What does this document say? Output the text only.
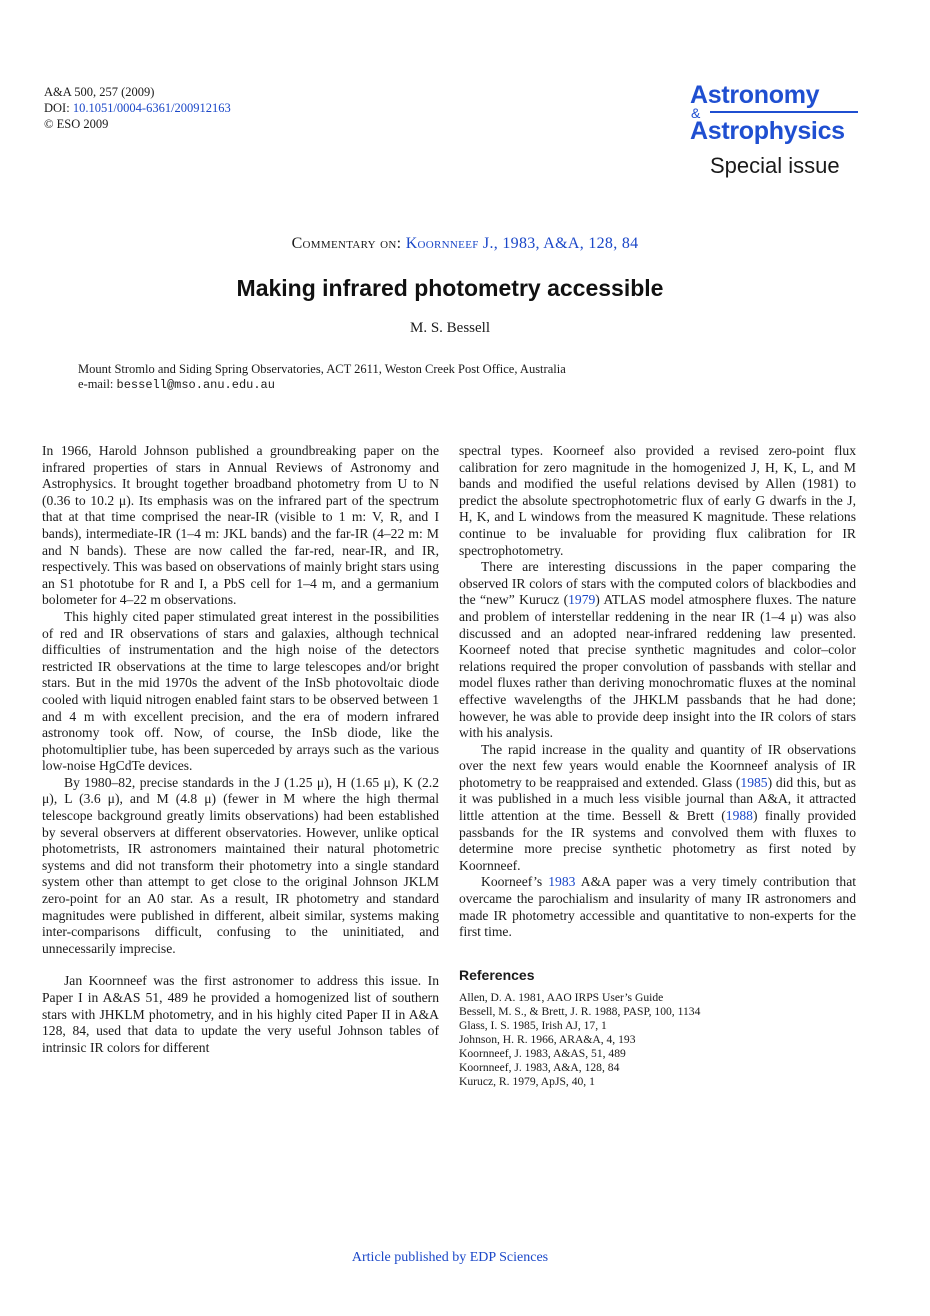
A&A 500, 257 (2009)
DOI: 10.1051/0004-6361/200912163
© ESO 2009
Astronomy
&
Astrophysics
Special issue
Commentary on: Koornneef J., 1983, A&A, 128, 84
Making infrared photometry accessible
M. S. Bessell
Mount Stromlo and Siding Spring Observatories, ACT 2611, Weston Creek Post Office, Australia
e-mail: bessell@mso.anu.edu.au

In 1966, Harold Johnson published a groundbreaking paper on the infrared properties of stars in Annual Reviews of Astronomy and Astrophysics. It brought together broadband photometry from U to N (0.36 to 10.2 μ). Its emphasis was on the infrared part of the spectrum that at that time comprised the near-IR (visible to 1 m: V, R, and I bands), intermediate-IR (1–4 m: JKL bands) and the far-IR (4–22 m: M and N bands). These are now called the far-red, near-IR, and IR, respectively. This was based on observations of mainly bright stars using an S1 phototube for R and I, a PbS cell for 1–4 m, and a germanium bolometer for 4–22 m observations.

This highly cited paper stimulated great interest in the possibilities of red and IR observations of stars and galaxies, although technical difficulties of instrumentation and the high noise of the detectors restricted IR observations at the time to large telescopes and/or bright stars. But in the mid 1970s the advent of the InSb photovoltaic diode cooled with liquid nitrogen enabled faint stars to be observed between 1 and 4 m with excellent precision, and the era of modern infrared astronomy took off. Now, of course, the InSb diode, like the photomultiplier tube, has been superceded by arrays such as the various low-noise HgCdTe devices.

By 1980–82, precise standards in the J (1.25 μ), H (1.65 μ), K (2.2 μ), L (3.6 μ), and M (4.8 μ) (fewer in M where the high thermal telescope background greatly limits observations) had been established by several observers at different observatories. However, unlike optical photometrists, IR astronomers maintained their natural photometric systems and did not transform their photometry into a single standard system other than attempt to get close to the original Johnson JKLM zero-point for an A0 star. As a result, IR photometry and standard magnitudes were published in different, albeit similar, systems making inter-comparisons difficult, confusing to the uninitiated, and unnecessarily imprecise.

Jan Koornneef was the first astronomer to address this issue. In Paper I in A&AS 51, 489 he provided a homogenized list of southern stars with JHKLM photometry, and in his highly cited Paper II in A&A 128, 84, used that data to update the very useful Johnson tables of intrinsic IR colors for different

spectral types. Koorneef also provided a revised zero-point flux calibration for zero magnitude in the homogenized J, H, K, L, and M bands and modified the useful relations devised by Allen (1981) to predict the absolute spectrophotometric flux of early G dwarfs in the J, H, K, and L windows from the measured K magnitude. These relations continue to be invaluable for providing flux calibration for IR spectrophotometry.

There are interesting discussions in the paper comparing the observed IR colors of stars with the computed colors of blackbodies and the “new” Kurucz (1979) ATLAS model atmosphere fluxes. The nature and problem of interstellar reddening in the near IR (1–4 μ) was also discussed and an adopted near-infrared reddening law presented. Koorneef noted that precise synthetic magnitudes and color–color relations required the proper convolution of passbands with stellar and model fluxes rather than deriving monochromatic fluxes at the nominal effective wavelengths of the JHKLM passbands that he had done; however, he was able to provide deep insight into the IR colors of stars with his analysis.

The rapid increase in the quality and quantity of IR observations over the next few years would enable the Koornneef analysis of IR photometry to be reappraised and extended. Glass (1985) did this, but as it was published in a much less visible journal than A&A, it attracted little attention at the time. Bessell & Brett (1988) finally provided passbands for the IR systems and convolved them with fluxes to determine more precise synthetic photometry as first noted by Koornneef.

Koorneef’s 1983 A&A paper was a very timely contribution that overcame the parochialism and insularity of many IR astronomers and made IR photometry accessible and quantitative to non-experts for the first time.

References
Allen, D. A. 1981, AAO IRPS User’s Guide
Bessell, M. S., & Brett, J. R. 1988, PASP, 100, 1134
Glass, I. S. 1985, Irish AJ, 17, 1
Johnson, H. R. 1966, ARA&A, 4, 193
Koornneef, J. 1983, A&AS, 51, 489
Koornneef, J. 1983, A&A, 128, 84
Kurucz, R. 1979, ApJS, 40, 1
Article published by EDP Sciences
